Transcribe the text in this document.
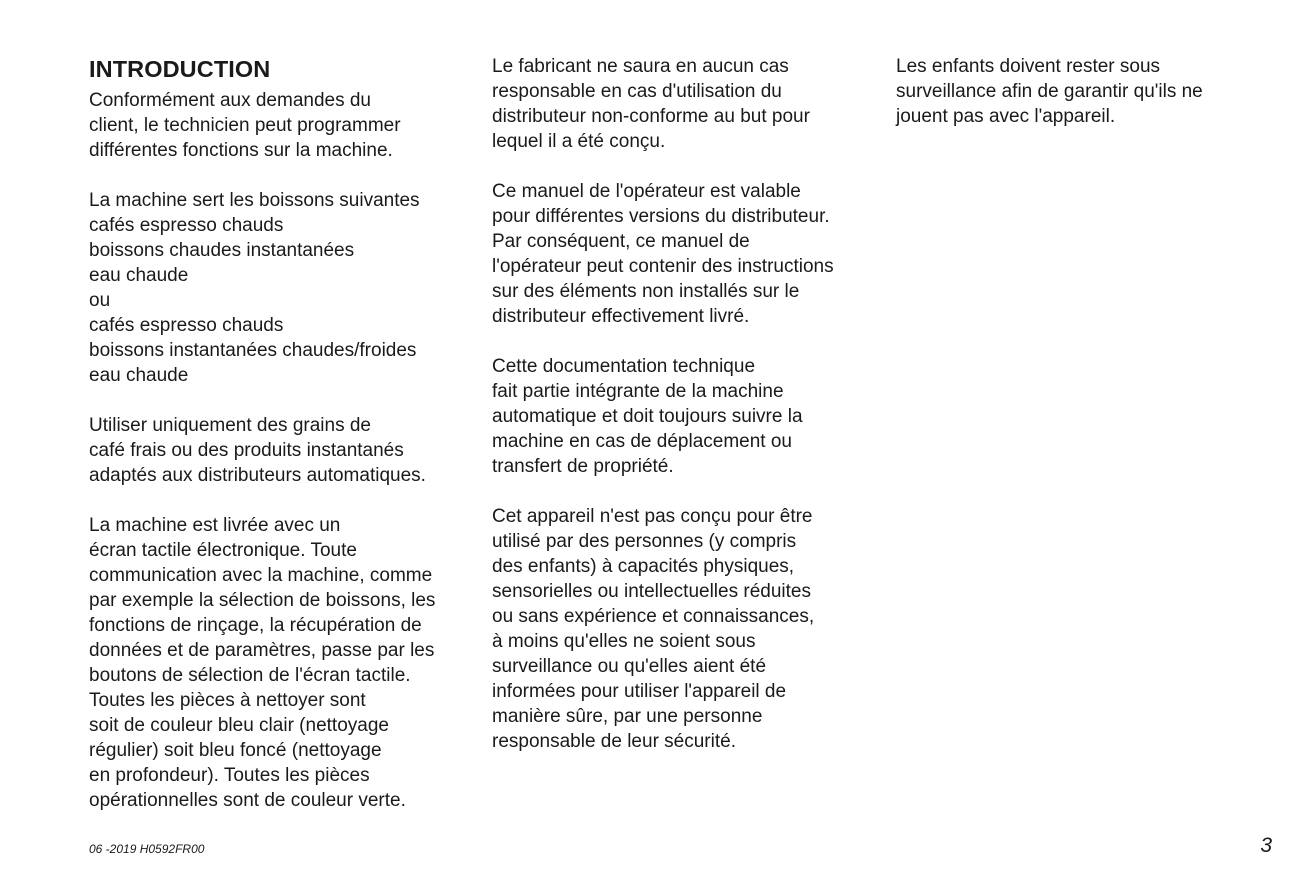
INTRODUCTION

Conformément aux demandes du
client, le technicien peut programmer
différentes fonctions sur la machine.

La machine sert les boissons suivantes
cafés espresso chauds
boissons chaudes instantanées
eau chaude
ou
cafés espresso chauds
boissons instantanées chaudes/froides
eau chaude

Utiliser uniquement des grains de
café frais ou des produits instantanés
adaptés aux distributeurs automatiques.

La machine est livrée avec un
écran tactile électronique. Toute
communication avec la machine, comme
par exemple la sélection de boissons, les
fonctions de rinçage, la récupération de
données et de paramètres, passe par les
boutons de sélection de l'écran tactile.
Toutes les pièces à nettoyer sont
soit de couleur bleu clair (nettoyage
régulier) soit bleu foncé (nettoyage
en profondeur). Toutes les pièces
opérationnelles sont de couleur verte.

Le fabricant ne saura en aucun cas
responsable en cas d'utilisation du
distributeur non-conforme au but pour
lequel il a été conçu.

Ce manuel de l'opérateur est valable
pour différentes versions du distributeur.
Par conséquent, ce manuel de
l'opérateur peut contenir des instructions
sur des éléments non installés sur le
distributeur effectivement livré.

Cette documentation technique
fait partie intégrante de la machine
automatique et doit toujours suivre la
machine en cas de déplacement ou
transfert de propriété.

Cet appareil n'est pas conçu pour être
utilisé par des personnes (y compris
des enfants) à capacités physiques,
sensorielles ou intellectuelles réduites
ou sans expérience et connaissances,
à moins qu'elles ne soient sous
surveillance ou qu'elles aient été
informées pour utiliser l'appareil de
manière sûre, par une personne
responsable de leur sécurité.

Les enfants doivent rester sous
surveillance afin de garantir qu'ils ne
jouent pas avec l'appareil.

06 -2019 H0592FR00	3
